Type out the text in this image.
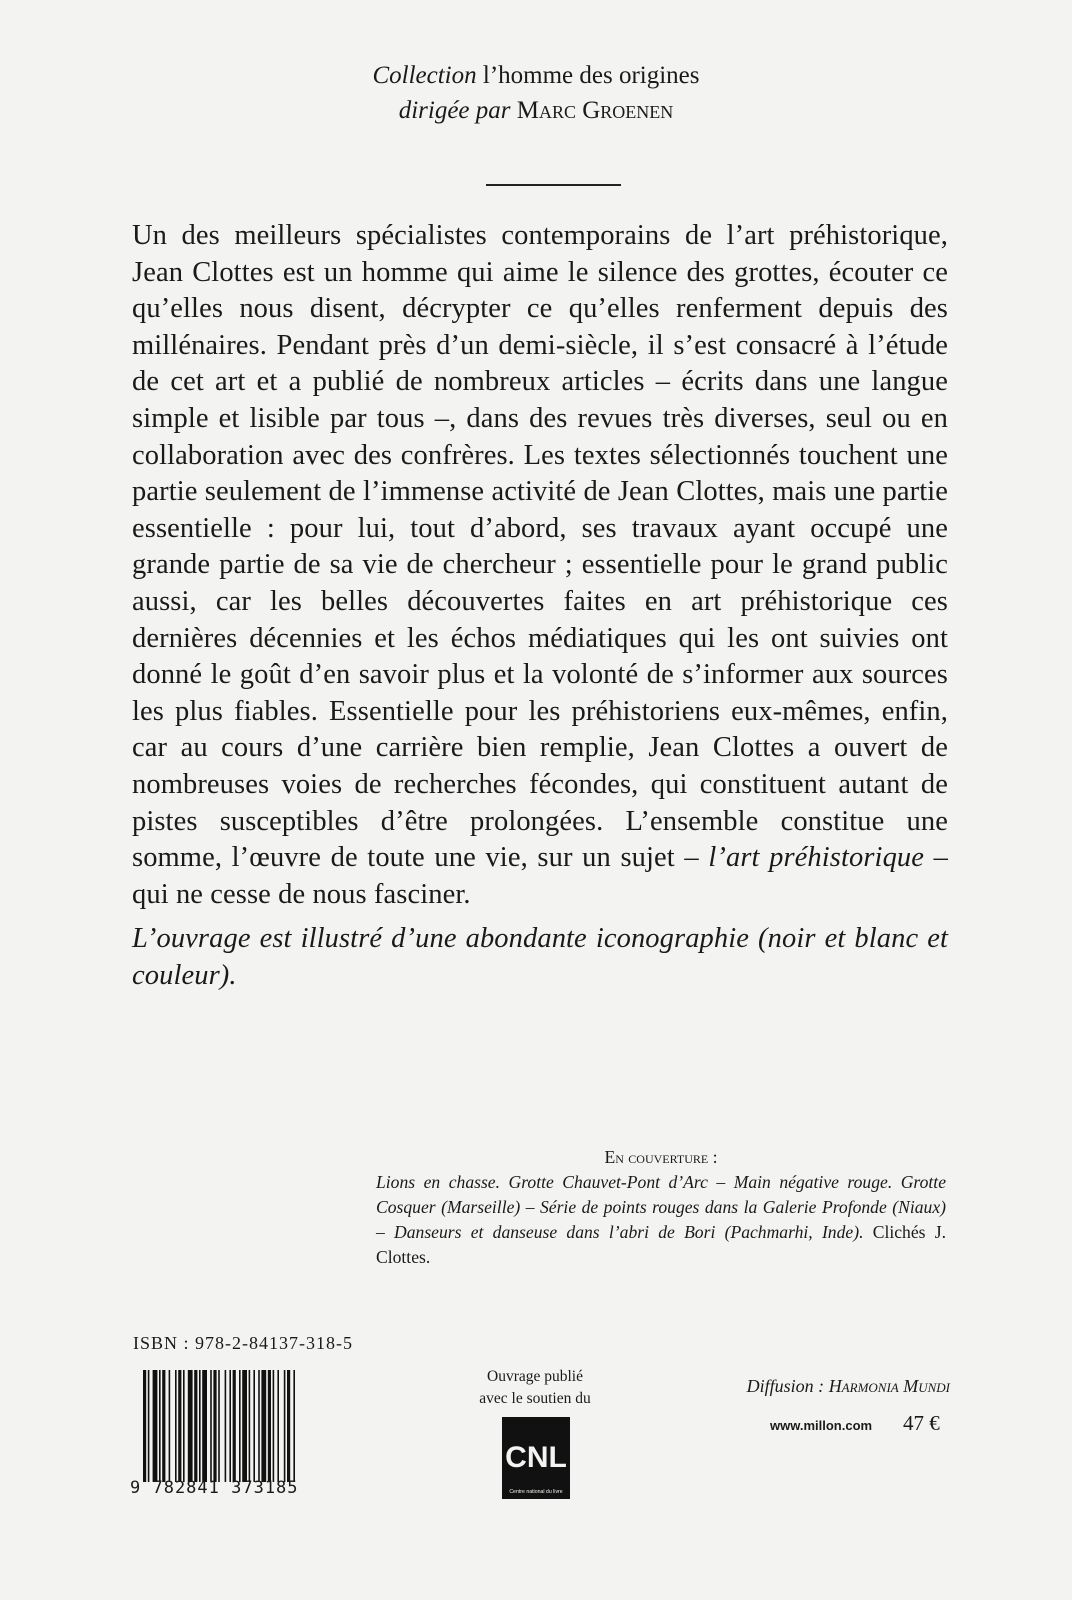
Collection l’homme des origines
dirigée par Marc Groenen

Un des meilleurs spécialistes contemporains de l’art préhistorique, Jean Clottes est un homme qui aime le silence des grottes, écouter ce qu’elles nous disent, décrypter ce qu’elles renferment depuis des millénaires. Pendant près d’un demi-siècle, il s’est consacré à l’étude de cet art et a publié de nombreux articles – écrits dans une langue simple et lisible par tous –, dans des revues très diverses, seul ou en collaboration avec des confrères. Les textes sélectionnés touchent une partie seulement de l’immense activité de Jean Clottes, mais une partie essentielle : pour lui, tout d’abord, ses travaux ayant occupé une grande partie de sa vie de chercheur ; essentielle pour le grand public aussi, car les belles découvertes faites en art préhistorique ces dernières décennies et les échos médiatiques qui les ont suivies ont donné le goût d’en savoir plus et la volonté de s’informer aux sources les plus fiables. Essentielle pour les préhistoriens eux-mêmes, enfin, car au cours d’une carrière bien remplie, Jean Clottes a ouvert de nombreuses voies de recherches fécondes, qui constituent autant de pistes susceptibles d’être prolongées. L’ensemble constitue une somme, l’œuvre de toute une vie, sur un sujet – l’art préhistorique – qui ne cesse de nous fasciner.

L’ouvrage est illustré d’une abondante iconographie (noir et blanc et couleur).

En couverture :
Lions en chasse. Grotte Chauvet-Pont d’Arc – Main négative rouge. Grotte Cosquer (Marseille) – Série de points rouges dans la Galerie Profonde (Niaux) – Danseurs et danseuse dans l’abri de Bori (Pachmarhi, Inde). Clichés J. Clottes.
ISBN : 978-2-84137-318-5
9 782841 373185
Ouvrage publié
avec le soutien du
CNL
Centre national du livre
Diffusion : Harmonia Mundi
www.millon.com 47 €
